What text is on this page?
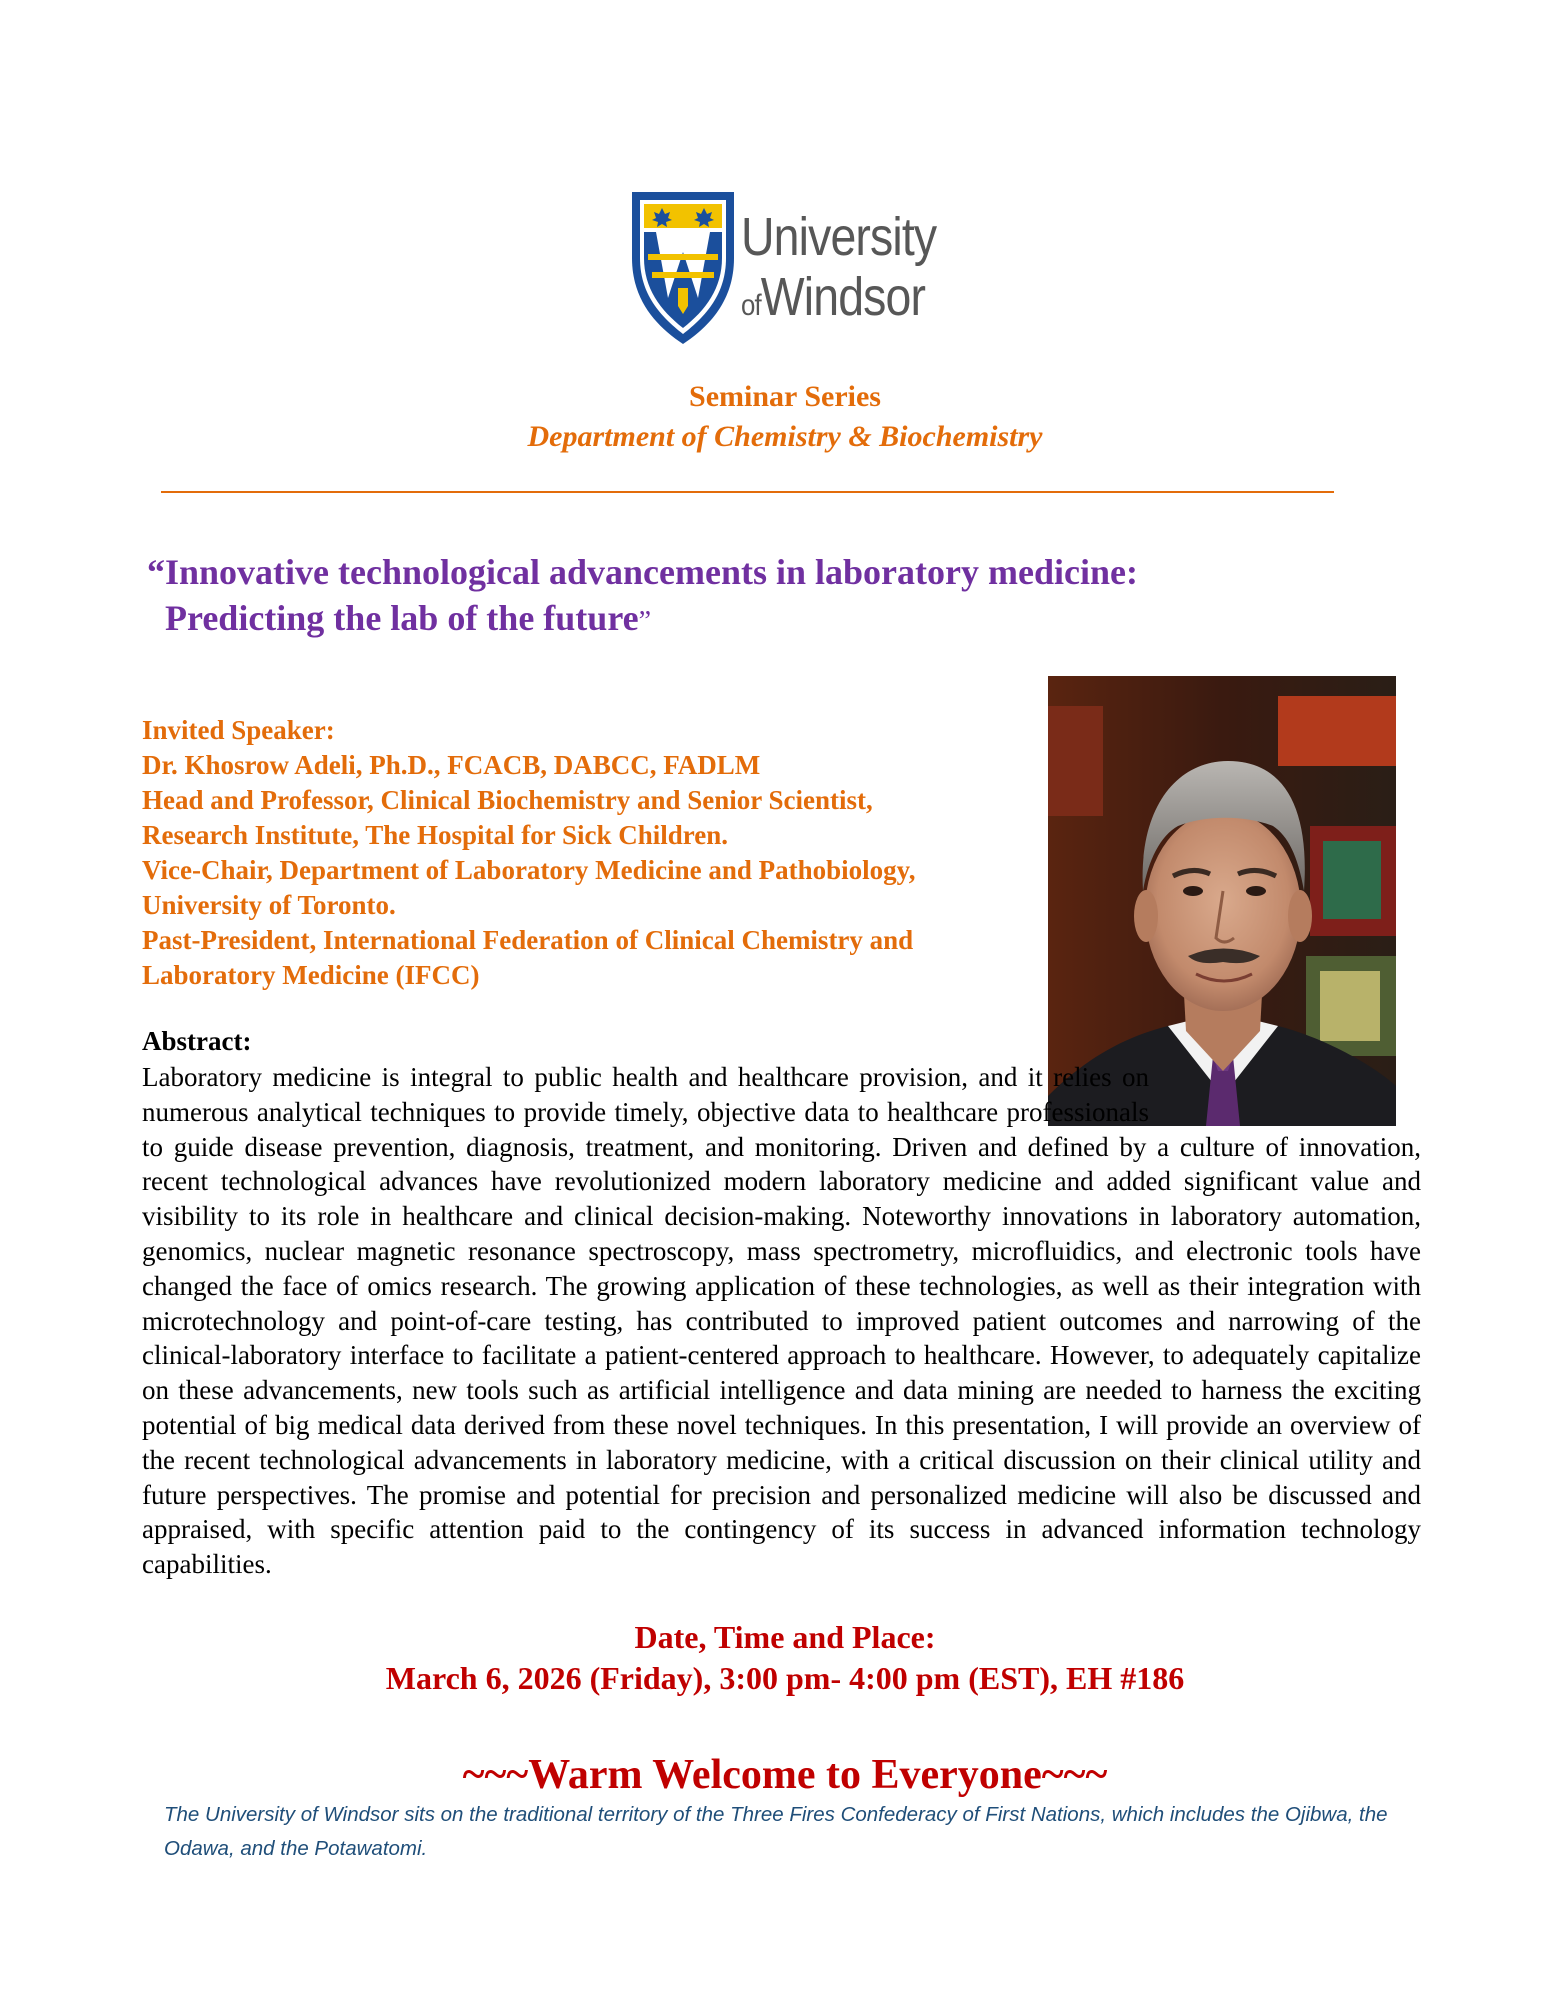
University
ofWindsor
Seminar Series
Department of Chemistry & Biochemistry
“Innovative technological advancements in laboratory medicine:
Predicting the lab of the future”
Invited Speaker:
Dr. Khosrow Adeli, Ph.D., FCACB, DABCC, FADLM
Head and Professor, Clinical Biochemistry and Senior Scientist,
Research Institute, The Hospital for Sick Children.
Vice-Chair, Department of Laboratory Medicine and Pathobiology,
University of Toronto.
Past-President, International Federation of Clinical Chemistry and
Laboratory Medicine (IFCC)
Abstract:
Laboratory medicine is integral to public health and healthcare provision, and it relies on numerous analytical techniques to provide timely, objective data to healthcare professionals to guide disease prevention, diagnosis, treatment, and monitoring. Driven and defined by a culture of innovation, recent technological advances have revolutionized modern laboratory medicine and added significant value and visibility to its role in healthcare and clinical decision-making. Noteworthy innovations in laboratory automation, genomics, nuclear magnetic resonance spectroscopy, mass spectrometry, microfluidics, and electronic tools have changed the face of omics research. The growing application of these technologies, as well as their integration with microtechnology and point-of-care testing, has contributed to improved patient outcomes and narrowing of the clinical-laboratory interface to facilitate a patient-centered approach to healthcare. However, to adequately capitalize on these advancements, new tools such as artificial intelligence and data mining are needed to harness the exciting potential of big medical data derived from these novel techniques. In this presentation, I will provide an overview of the recent technological advancements in laboratory medicine, with a critical discussion on their clinical utility and future perspectives. The promise and potential for precision and personalized medicine will also be discussed and appraised, with specific attention paid to the contingency of its success in advanced information technology capabilities.
Date, Time and Place:
March 6, 2026 (Friday), 3:00 pm- 4:00 pm (EST), EH #186
~~~Warm Welcome to Everyone~~~
The University of Windsor sits on the traditional territory of the Three Fires Confederacy of First Nations, which includes the Ojibwa, the Odawa, and the Potawatomi.
